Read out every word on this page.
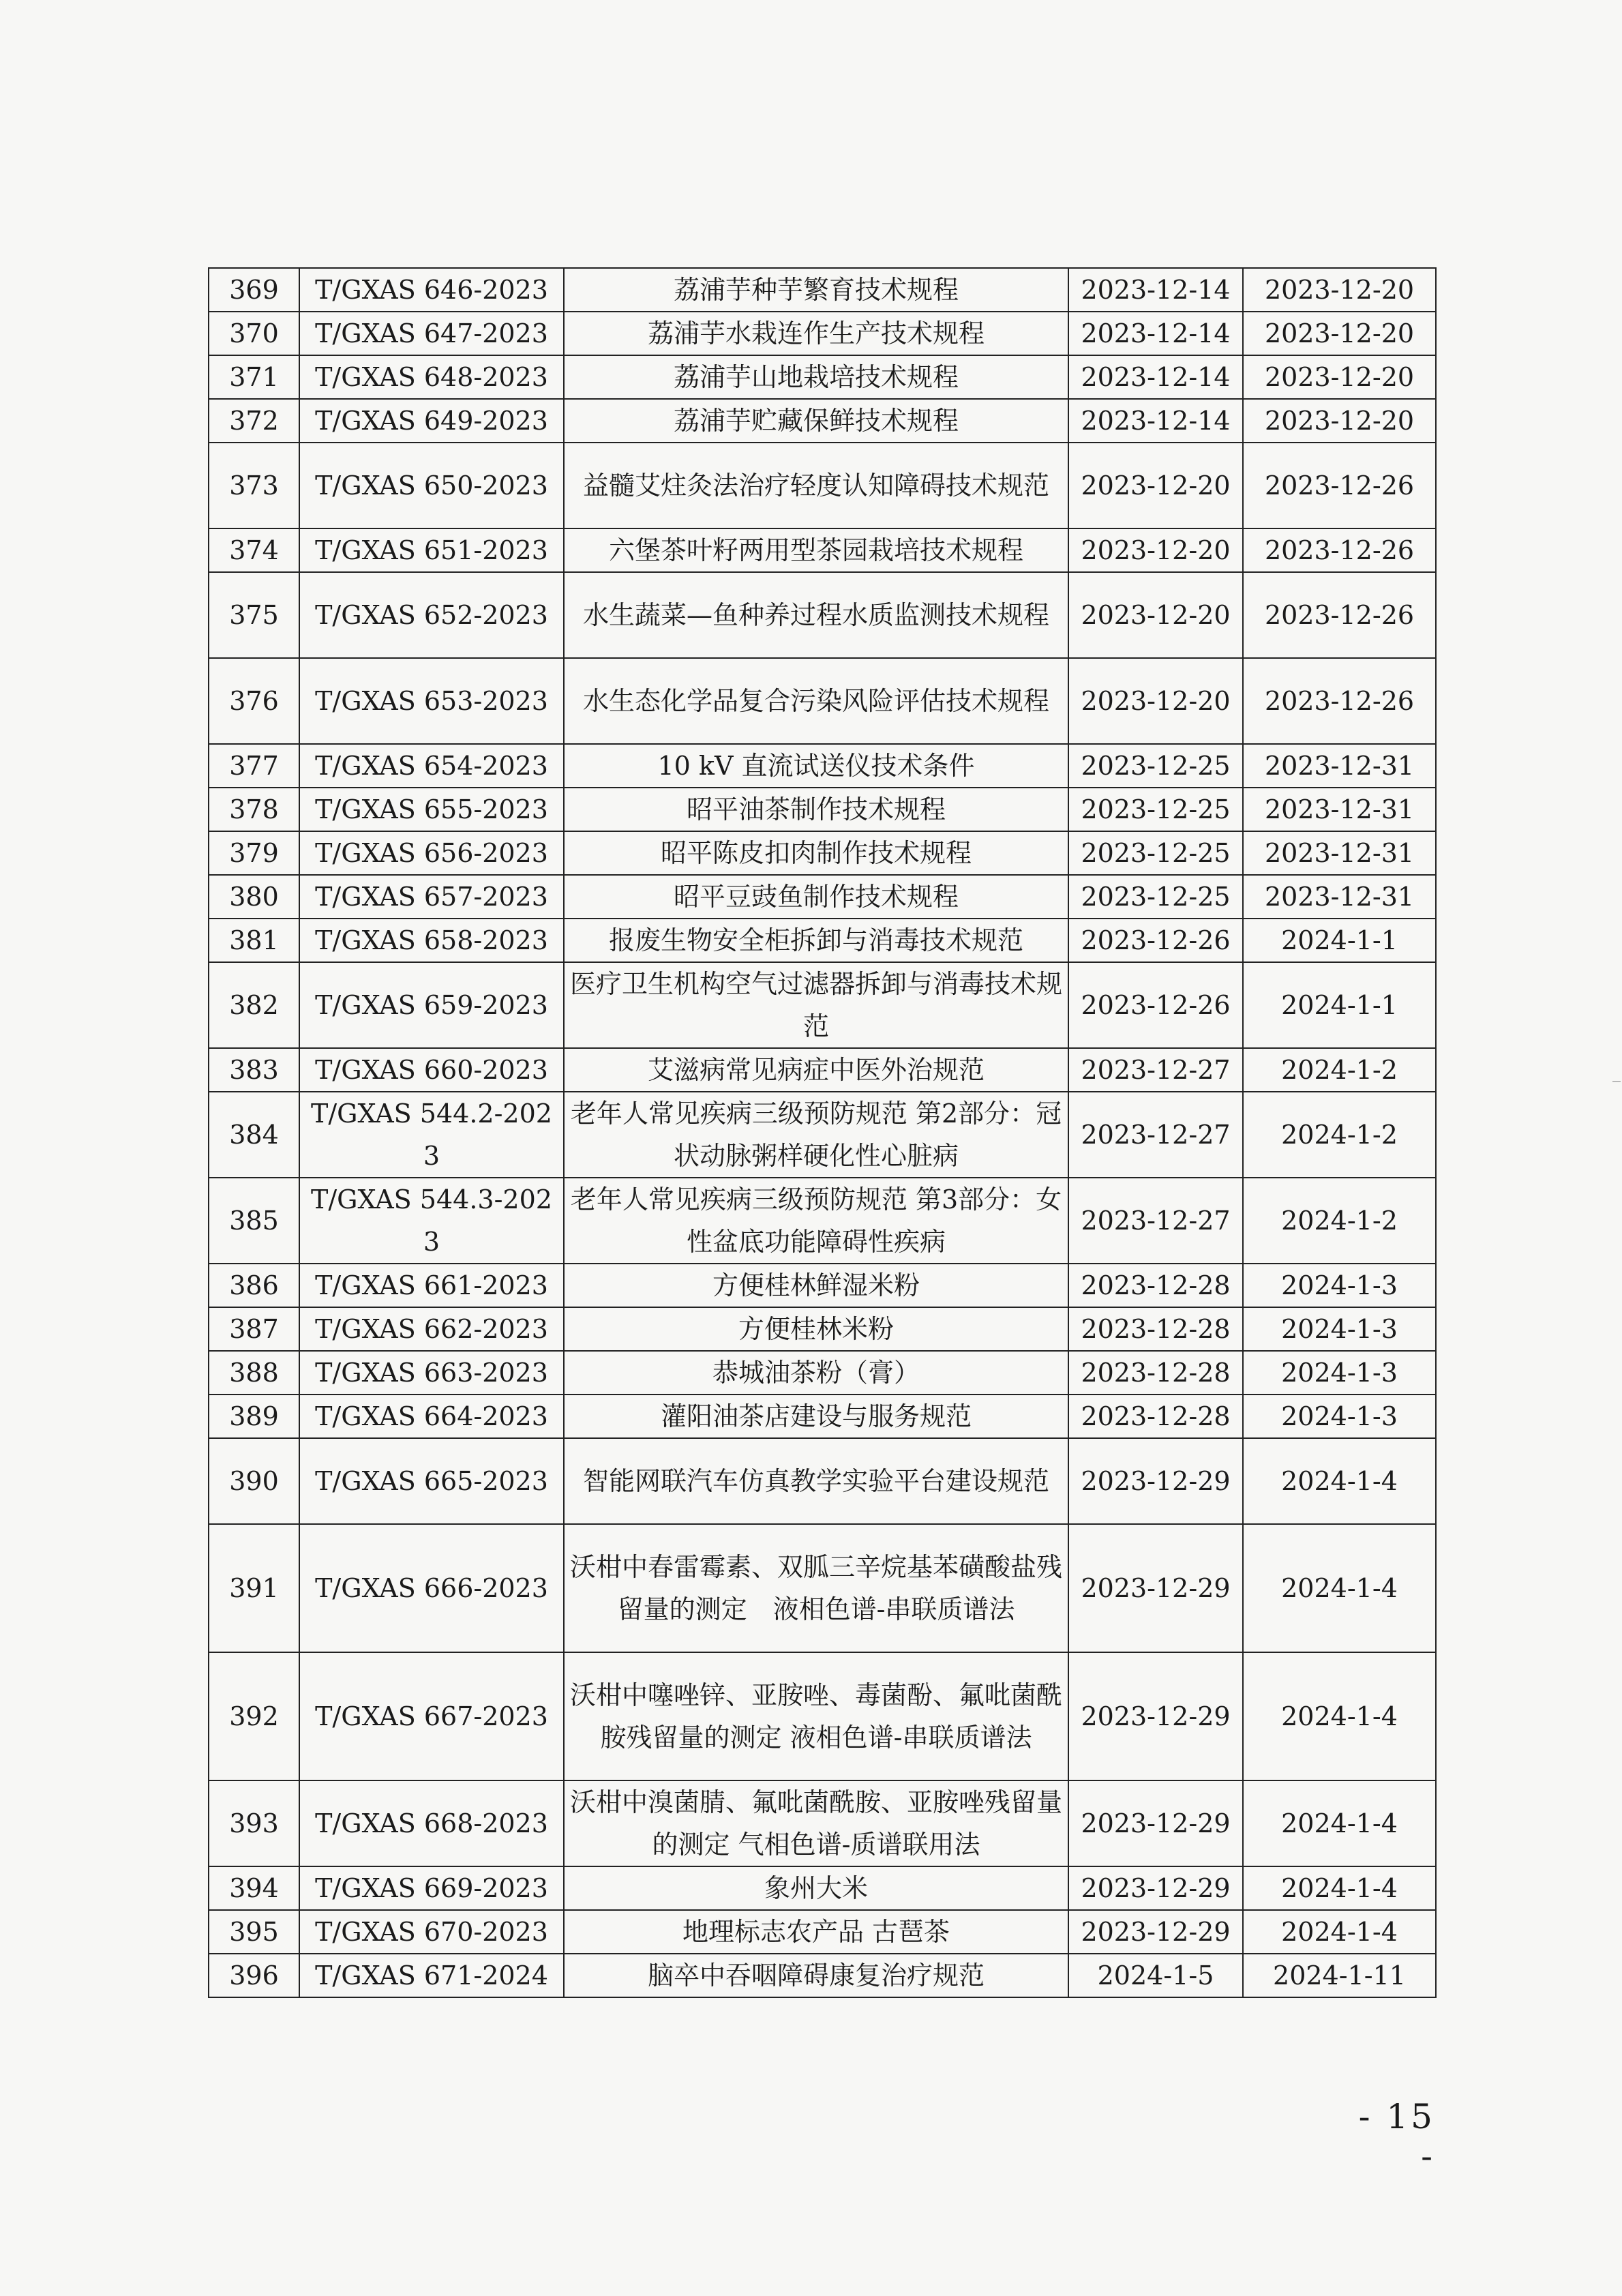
369	T/GXAS 646-2023	荔浦芋种芋繁育技术规程	2023-12-14	2023-12-20
370	T/GXAS 647-2023	荔浦芋水栽连作生产技术规程	2023-12-14	2023-12-20
371	T/GXAS 648-2023	荔浦芋山地栽培技术规程	2023-12-14	2023-12-20
372	T/GXAS 649-2023	荔浦芋贮藏保鲜技术规程	2023-12-14	2023-12-20
373	T/GXAS 650-2023	益髓艾炷灸法治疗轻度认知障碍技术规范	2023-12-20	2023-12-26
374	T/GXAS 651-2023	六堡茶叶籽两用型茶园栽培技术规程	2023-12-20	2023-12-26
375	T/GXAS 652-2023	水生蔬菜—鱼种养过程水质监测技术规程	2023-12-20	2023-12-26
376	T/GXAS 653-2023	水生态化学品复合污染风险评估技术规程	2023-12-20	2023-12-26
377	T/GXAS 654-2023	10 kV 直流试送仪技术条件	2023-12-25	2023-12-31
378	T/GXAS 655-2023	昭平油茶制作技术规程	2023-12-25	2023-12-31
379	T/GXAS 656-2023	昭平陈皮扣肉制作技术规程	2023-12-25	2023-12-31
380	T/GXAS 657-2023	昭平豆豉鱼制作技术规程	2023-12-25	2023-12-31
381	T/GXAS 658-2023	报废生物安全柜拆卸与消毒技术规范	2023-12-26	2024-1-1
382	T/GXAS 659-2023	医疗卫生机构空气过滤器拆卸与消毒技术规范	2023-12-26	2024-1-1
383	T/GXAS 660-2023	艾滋病常见病症中医外治规范	2023-12-27	2024-1-2
384	T/GXAS 544.2-2023	老年人常见疾病三级预防规范 第2部分：冠状动脉粥样硬化性心脏病	2023-12-27	2024-1-2
385	T/GXAS 544.3-2023	老年人常见疾病三级预防规范 第3部分：女性盆底功能障碍性疾病	2023-12-27	2024-1-2
386	T/GXAS 661-2023	方便桂林鲜湿米粉	2023-12-28	2024-1-3
387	T/GXAS 662-2023	方便桂林米粉	2023-12-28	2024-1-3
388	T/GXAS 663-2023	恭城油茶粉（膏）	2023-12-28	2024-1-3
389	T/GXAS 664-2023	灌阳油茶店建设与服务规范	2023-12-28	2024-1-3
390	T/GXAS 665-2023	智能网联汽车仿真教学实验平台建设规范	2023-12-29	2024-1-4
391	T/GXAS 666-2023	沃柑中春雷霉素、双胍三辛烷基苯磺酸盐残留量的测定　液相色谱-串联质谱法	2023-12-29	2024-1-4
392	T/GXAS 667-2023	沃柑中噻唑锌、亚胺唑、毒菌酚、氟吡菌酰胺残留量的测定 液相色谱-串联质谱法	2023-12-29	2024-1-4
393	T/GXAS 668-2023	沃柑中溴菌腈、氟吡菌酰胺、亚胺唑残留量的测定 气相色谱-质谱联用法	2023-12-29	2024-1-4
394	T/GXAS 669-2023	象州大米	2023-12-29	2024-1-4
395	T/GXAS 670-2023	地理标志农产品 古琶茶	2023-12-29	2024-1-4
396	T/GXAS 671-2024	脑卒中吞咽障碍康复治疗规范	2024-1-5	2024-1-11
- 15 -
